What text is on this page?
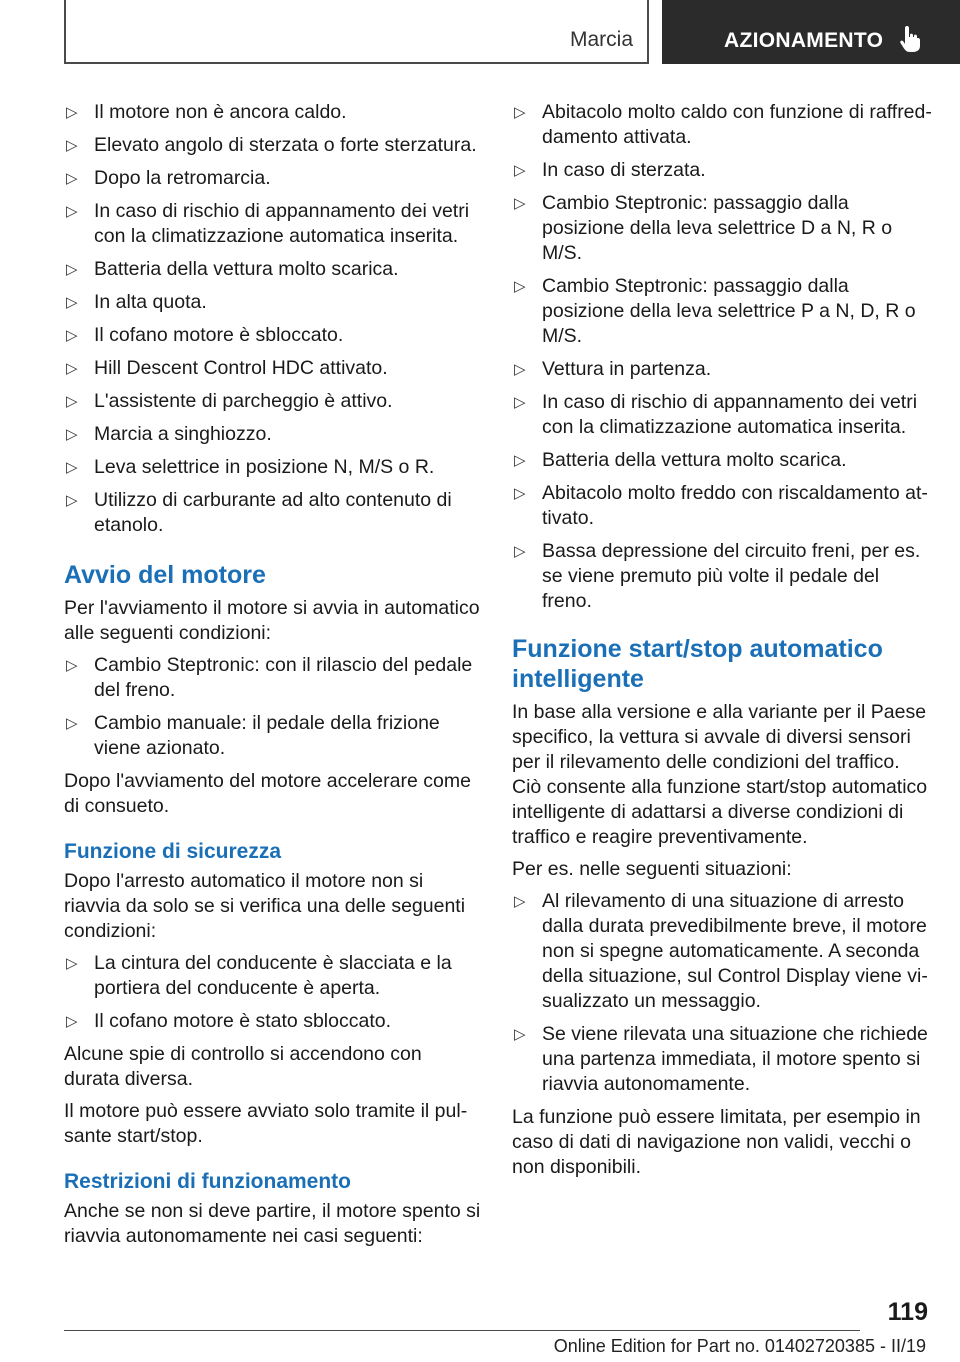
Marcia	AZIONAMENTO
▷ Il motore non è ancora caldo.
▷ Elevato angolo di sterzata o forte sterzatura.
▷ Dopo la retromarcia.
▷ In caso di rischio di appannamento dei vetri con la climatizzazione automatica inserita.
▷ Batteria della vettura molto scarica.
▷ In alta quota.
▷ Il cofano motore è sbloccato.
▷ Hill Descent Control HDC attivato.
▷ L'assistente di parcheggio è attivo.
▷ Marcia a singhiozzo.
▷ Leva selettrice in posizione N, M/S o R.
▷ Utilizzo di carburante ad alto contenuto di etanolo.
Avvio del motore

Per l'avviamento il motore si avvia in automatico alle seguenti condizioni:

▷ Cambio Steptronic: con il rilascio del pedale del freno.
▷ Cambio manuale: il pedale della frizione viene azionato.

Dopo l'avviamento del motore accelerare come di consueto.

Funzione di sicurezza

Dopo l'arresto automatico il motore non si riavvia da solo se si verifica una delle seguenti condizioni:

▷ La cintura del conducente è slacciata e la portiera del conducente è aperta.
▷ Il cofano motore è stato sbloccato.

Alcune spie di controllo si accendono con durata diversa.

Il motore può essere avviato solo tramite il pulsante start/stop.

Restrizioni di funzionamento

Anche se non si deve partire, il motore spento si riavvia autonomamente nei casi seguenti:

▷ Abitacolo molto caldo con funzione di raffreddamento attivata.
▷ In caso di sterzata.
▷ Cambio Steptronic: passaggio dalla posizione della leva selettrice D a N, R o M/S.
▷ Cambio Steptronic: passaggio dalla posizione della leva selettrice P a N, D, R o M/S.
▷ Vettura in partenza.
▷ In caso di rischio di appannamento dei vetri con la climatizzazione automatica inserita.
▷ Batteria della vettura molto scarica.
▷ Abitacolo molto freddo con riscaldamento attivato.
▷ Bassa depressione del circuito freni, per es. se viene premuto più volte il pedale del freno.
Funzione start/stop automatico intelligente

In base alla versione e alla variante per il Paese specifico, la vettura si avvale di diversi sensori per il rilevamento delle condizioni del traffico. Ciò consente alla funzione start/stop automatico intelligente di adattarsi a diverse condizioni di traffico e reagire preventivamente.

Per es. nelle seguenti situazioni:

▷ Al rilevamento di una situazione di arresto dalla durata prevedibilmente breve, il motore non si spegne automaticamente. A seconda della situazione, sul Control Display viene visualizzato un messaggio.
▷ Se viene rilevata una situazione che richiede una partenza immediata, il motore spento si riavvia autonomamente.

La funzione può essere limitata, per esempio in caso di dati di navigazione non validi, vecchi o non disponibili.

119
Online Edition for Part no. 01402720385 - II/19
